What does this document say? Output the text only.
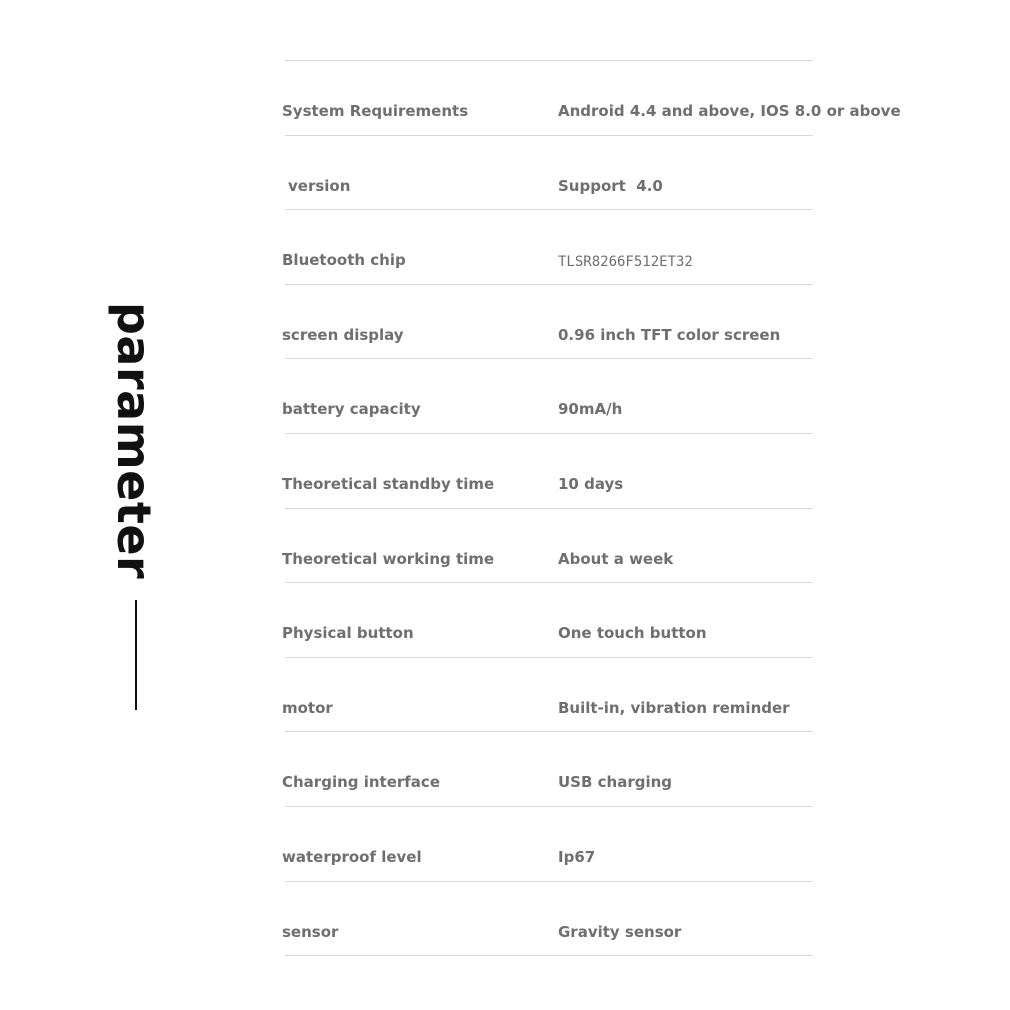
parameter
System Requirements	Android 4.4 and above, IOS 8.0 or above
version	Support  4.0
Bluetooth chip	TLSR8266F512ET32
screen display	0.96 inch TFT color screen
battery capacity	90mA/h
Theoretical standby time	10 days
Theoretical working time	About a week
Physical button	One touch button
motor	Built-in, vibration reminder
Charging interface	USB charging
waterproof level	Ip67
sensor	Gravity sensor
